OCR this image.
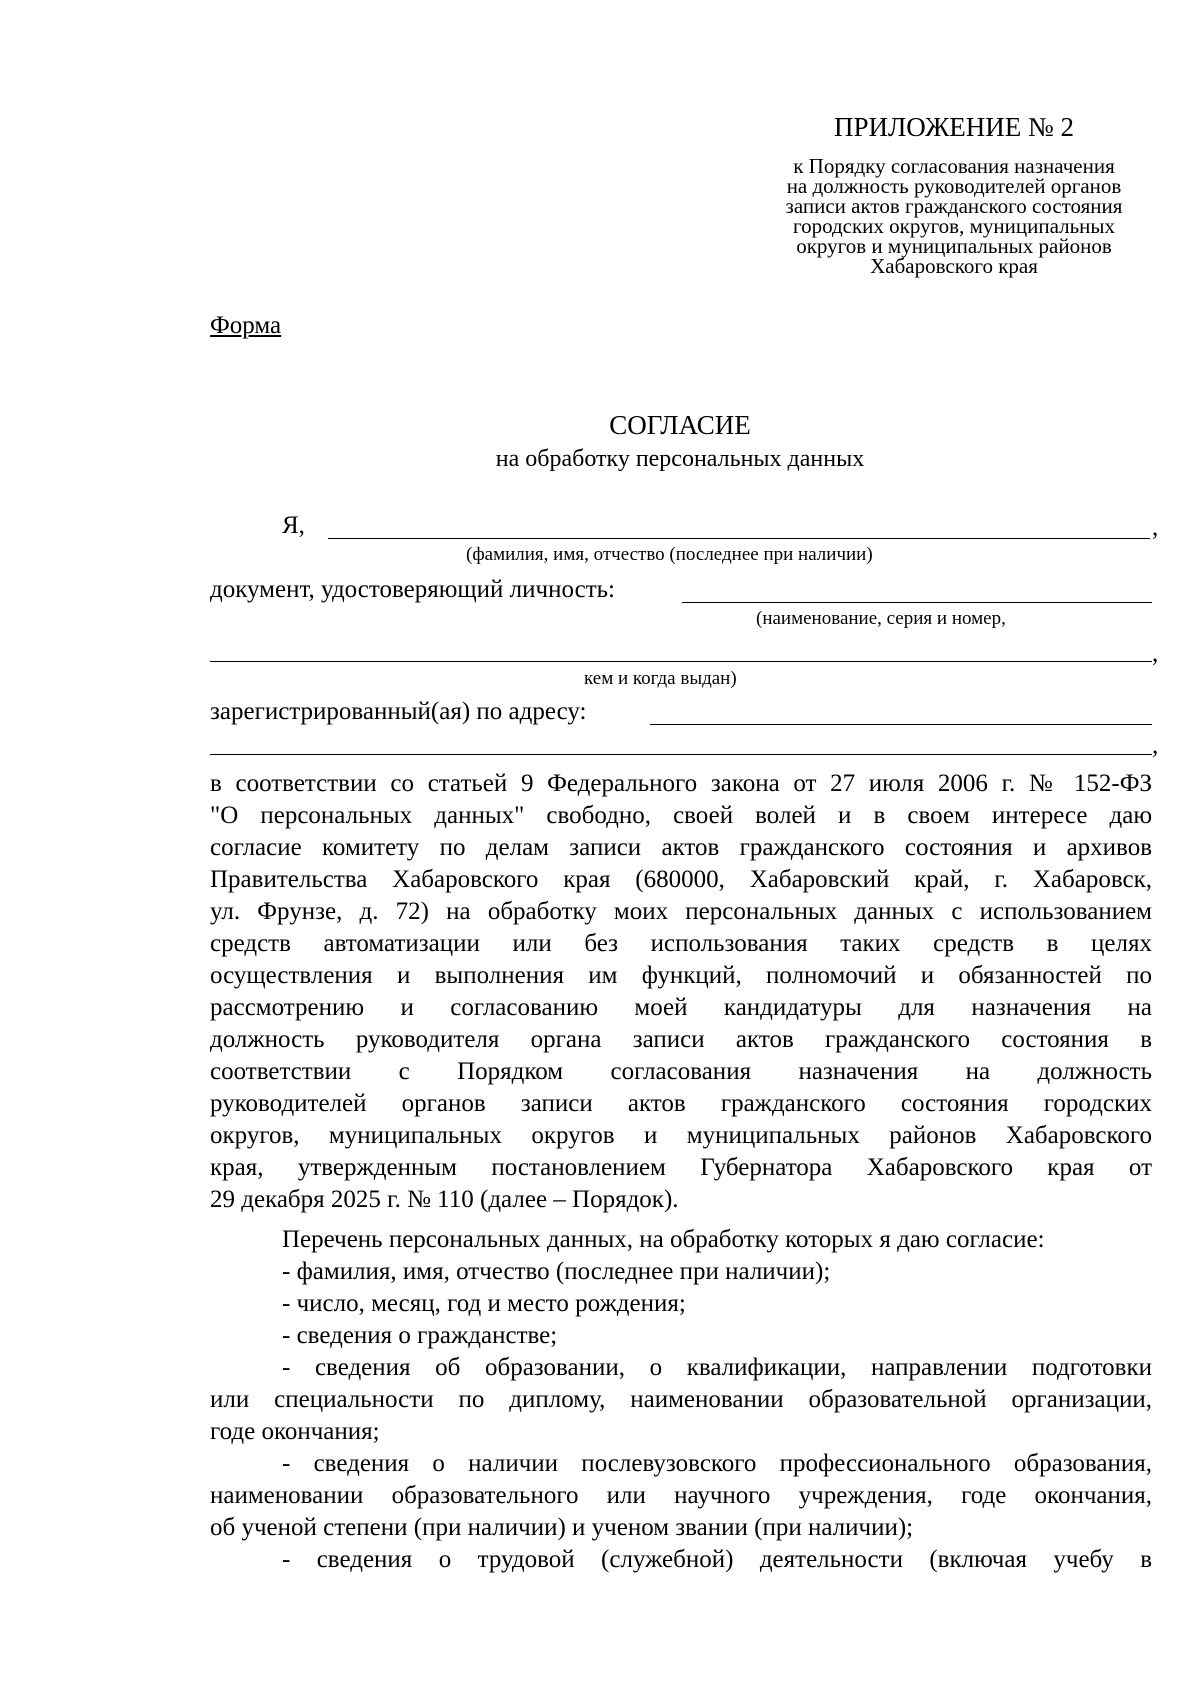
ПРИЛОЖЕНИЕ № 2
к Порядку согласования назначения
на должность руководителей органов
записи актов гражданского состояния
городских округов, муниципальных
округов и муниципальных районов
Хабаровского края
Форма
СОГЛАСИЕ
на обработку персональных данных
Я,	,
(фамилия, имя, отчество (последнее при наличии)
документ, удостоверяющий личность:
(наименование, серия и номер,
,
кем и когда выдан)
зарегистрированный(ая) по адресу:
,
в соответствии со статьей 9 Федерального закона от 27 июля 2006 г. № 152-ФЗ
"О персональных данных" свободно, своей волей и в своем интересе даю
согласие комитету по делам записи актов гражданского состояния и архивов
Правительства Хабаровского края (680000, Хабаровский край, г. Хабаровск,
ул. Фрунзе, д. 72) на обработку моих персональных данных с использованием
средств автоматизации или без использования таких средств в целях
осуществления и выполнения им функций, полномочий и обязанностей по
рассмотрению и согласованию моей кандидатуры для назначения на
должность руководителя органа записи актов гражданского состояния в
соответствии с Порядком согласования назначения на должность
руководителей органов записи актов гражданского состояния городских
округов, муниципальных округов и муниципальных районов Хабаровского
края, утвержденным постановлением Губернатора Хабаровского края от
29 декабря 2025 г. № 110 (далее – Порядок).
Перечень персональных данных, на обработку которых я даю согласие:
- фамилия, имя, отчество (последнее при наличии);
- число, месяц, год и место рождения;
- сведения о гражданстве;
- сведения об образовании, о квалификации, направлении подготовки
или специальности по диплому, наименовании образовательной организации,
годе окончания;
- сведения о наличии послевузовского профессионального образования,
наименовании образовательного или научного учреждения, годе окончания,
об ученой степени (при наличии) и ученом звании (при наличии);
- сведения о трудовой (служебной) деятельности (включая учебу в
